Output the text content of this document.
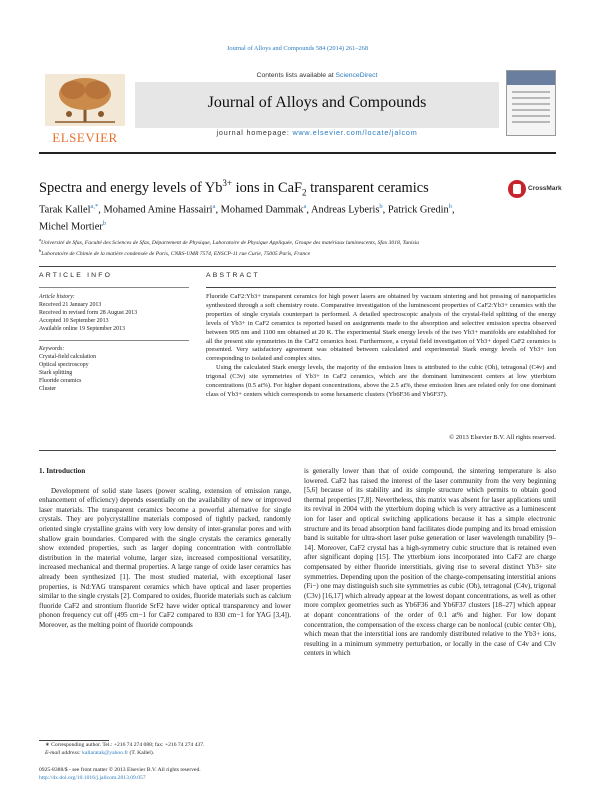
Journal of Alloys and Compounds 584 (2014) 261–268
ELSEVIER
Contents lists available at ScienceDirect
Journal of Alloys and Compounds
journal homepage: www.elsevier.com/locate/jalcom
CrossMark
Spectra and energy levels of $Yb^{3+}$ ions in CaF$_2$ transparent ceramics
Tarak Kallel$^{a,*}$, Mohamed Amine Hassairi$^a$, Mohamed Dammak$^a$, Andreas Lyberis$^b$, Patrick Gredin$^b$,
Michel Mortier$^b$
$^a$Université de Sfax, Faculté des Sciences de Sfax, Département de Physique, Laboratoire de Physique Appliquée, Groupe des matériaux luminescents, Sfax 3018, Tunisia
$^b$Laboratoire de Chimie de la matière condensée de Paris, CNRS-UMR 7574, ENSCP-11 rue Curie, 75005 Paris, France
ARTICLE INFO	ABSTRACT
Article history:
Received 21 January 2013
Received in revised form 28 August 2013
Accepted 10 September 2013
Available online 19 September 2013
Keywords:
Crystal-field calculation
Optical spectroscopy
Stark splitting
Fluoride ceramics
Cluster

Fluoride CaF2:Yb3+ transparent ceramics for high power lasers are obtained by vacuum sintering and hot pressing of nanoparticles synthesized through a soft chemistry route. Comparative investigation of the luminescent properties of CaF2:Yb3+ ceramics with the properties of single crystals counterpart is performed. A detailed spectroscopic analysis of the crystal-field splitting of the energy levels of Yb3+ in CaF2 ceramics is reported based on assignments made to the absorption and selective emission spectra observed between 905 nm and 1100 nm obtained at 20 K. The experimental Stark energy levels of the two Yb3+ manifolds are established for all the present site symmetries in the CaF2 ceramics host. Furthermore, a crystal field investigation of Yb3+ doped CaF2 ceramics is presented. Very satisfactory agreement was obtained between calculated and experimental Stark energy levels of Yb3+ ion corresponding to isolated and complex sites.

Using the calculated Stark energy levels, the majority of the emission lines is attributed to the cubic (Oh), tetragonal (C4v) and trigonal (C3v) site symmetries of Yb3+ in CaF2 ceramics, which are the dominant luminescent centers at low ytterbium concentrations (0.5 at%). For higher dopant concentrations, above the 2.5 at%, these emission lines are related only for one dominant class of Yb3+ centers which corresponds to some hexameric clusters (Yb6F36 and Yb6F37).

© 2013 Elsevier B.V. All rights reserved.
1. Introduction

Development of solid state lasers (power scaling, extension of emission range, enhancement of efficiency) depends essentially on the availability of new or improved laser materials. The transparent ceramics become a powerful alternative for single crystals. They are polycrystalline materials composed of tightly packed, randomly oriented single crystalline grains with very low density of inter-granular pores and with shallow grain boundaries. Compared with the single crystals the ceramics generally show extended properties, such as larger doping concentration with controllable distribution in the material volume, larger size, increased compositional versatility, increased mechanical and thermal properties. A large range of oxide laser ceramics has already been synthesized [1]. The most studied material, with exceptional laser properties, is Nd:YAG transparent ceramics which have optical and laser properties similar to the single crystals [2]. Compared to oxides, fluoride materials such as calcium fluoride CaF2 and strontium fluoride SrF2 have wider optical transparency and lower phonon frequency cut off (495 cm−1 for CaF2 compared to 830 cm−1 for YAG [3,4]). Moreover, as the melting point of fluoride compounds

is generally lower than that of oxide compound, the sintering temperature is also lowered. CaF2 has raised the interest of the laser community from the very beginning [5,6] because of its stability and its simple structure which permits to obtain good thermal properties [7,8]. Nevertheless, this matrix was absent for laser applications until its revival in 2004 with the ytterbium doping which is very attractive as a luminescent ion for laser and optical switching applications because it has a simple electronic structure and its broad absorption band facilitates diode pumping and its broad emission band is suitable for ultra-short laser pulse generation or laser wavelength tunability [9–14]. Moreover, CaF2 crystal has a high-symmetry cubic structure that is retained even after significant doping [15]. The ytterbium ions incorporated into CaF2 are charge compensated by either fluoride interstitials, giving rise to several distinct Yb3+ site symmetries. Depending upon the position of the charge-compensating interstitial anions (Fi−) one may distinguish such site symmetries as cubic (Oh), tetragonal (C4v), trigonal (C3v) [16,17] which already appear at the lowest dopant concentrations, as well as other more complex geometries such as Yb6F36 and Yb6F37 clusters [18–27] which appear at dopant concentrations of the order of 0.1 at% and higher. For low dopant concentration, the compensation of the excess charge can be nonlocal (cubic center Oh), which mean that the interstitial ions are randomly distributed relative to the Yb3+ ions, resulting in a minimum symmetry perturbation, or locally in the case of C4v and C3v centers in which

∗ Corresponding author. Tel.: +216 74 274 088; fax: +216 74 274 437.
E-mail address: kallaratak@yahoo.fr (T. Kallel).
0925-8388/$ - see front matter © 2013 Elsevier B.V. All rights reserved.
http://dx.doi.org/10.1016/j.jallcom.2013.09.057
